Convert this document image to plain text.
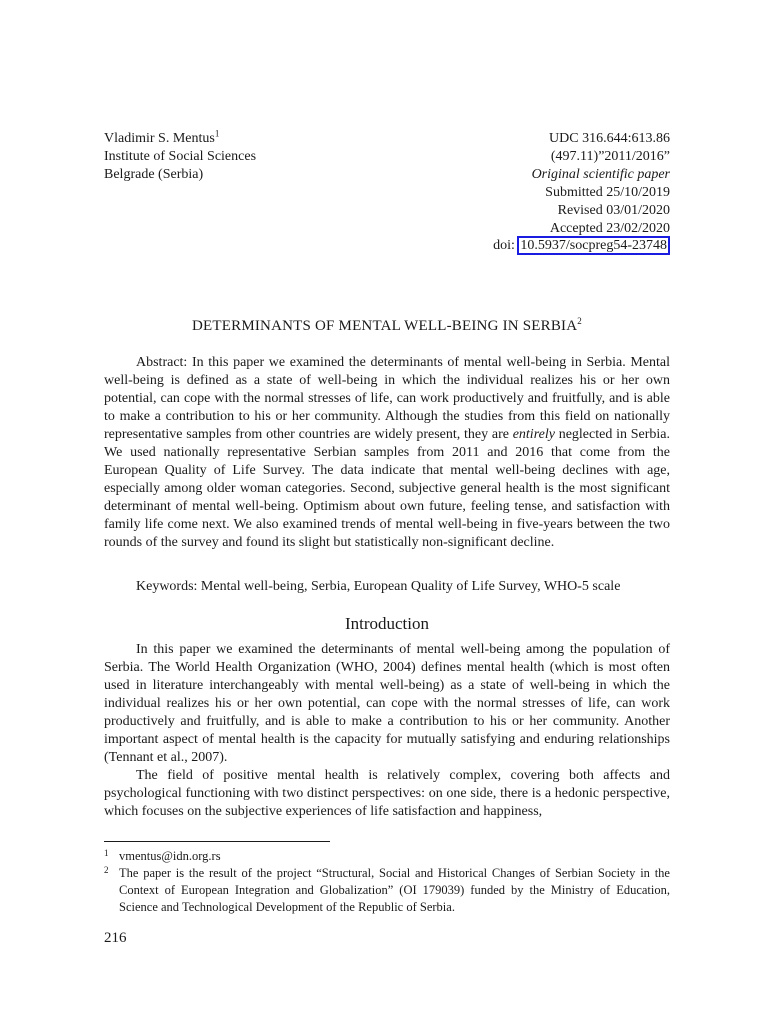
Vladimir S. Mentus$^1$
Institute of Social Sciences
Belgrade (Serbia)
UDC 316.644:613.86
(497.11)”2011/2016”
Original scientific paper
Submitted 25/10/2019
Revised 03/01/2020
Accepted 23/02/2020
doi: 10.5937/socpreg54-23748
DETERMINANTS OF MENTAL WELL-BEING IN SERBIA$^2$

Abstract: In this paper we examined the determinants of mental well-being in Serbia. Mental well-being is defined as a state of well-being in which the individual realizes his or her own potential, can cope with the normal stresses of life, can work productively and fruitfully, and is able to make a contribution to his or her community. Although the studies from this field on nationally representative samples from other countries are widely present, they are entirely neglected in Serbia. We used nationally representative Serbian samples from 2011 and 2016 that come from the European Quality of Life Survey. The data indicate that mental well-being declines with age, especially among older woman categories. Second, subjective general health is the most significant determinant of mental well-being. Optimism about own future, feeling tense, and satisfaction with family life come next. We also examined trends of mental well-being in five-years between the two rounds of the survey and found its slight but statistically non-significant decline.

Keywords: Mental well-being, Serbia, European Quality of Life Survey, WHO-5 scale

Introduction

In this paper we examined the determinants of mental well-being among the population of Serbia. The World Health Organization (WHO, 2004) defines mental health (which is most often used in literature interchangeably with mental well-being) as a state of well-being in which the individual realizes his or her own potential, can cope with the normal stresses of life, can work productively and fruitfully, and is able to make a contribution to his or her community. Another important aspect of mental health is the capacity for mutually satisfying and enduring relationships (Tennant et al., 2007).

The field of positive mental health is relatively complex, covering both affects and psychological functioning with two distinct perspectives: on one side, there is a hedonic perspective, which focuses on the subjective experiences of life satisfaction and happiness,

1 vmentus@idn.org.rs
2 The paper is the result of the project “Structural, Social and Historical Changes of Serbian Society in the Context of European Integration and Globalization” (OI 179039) funded by the Ministry of Education, Science and Technological Development of the Republic of Serbia.
216
